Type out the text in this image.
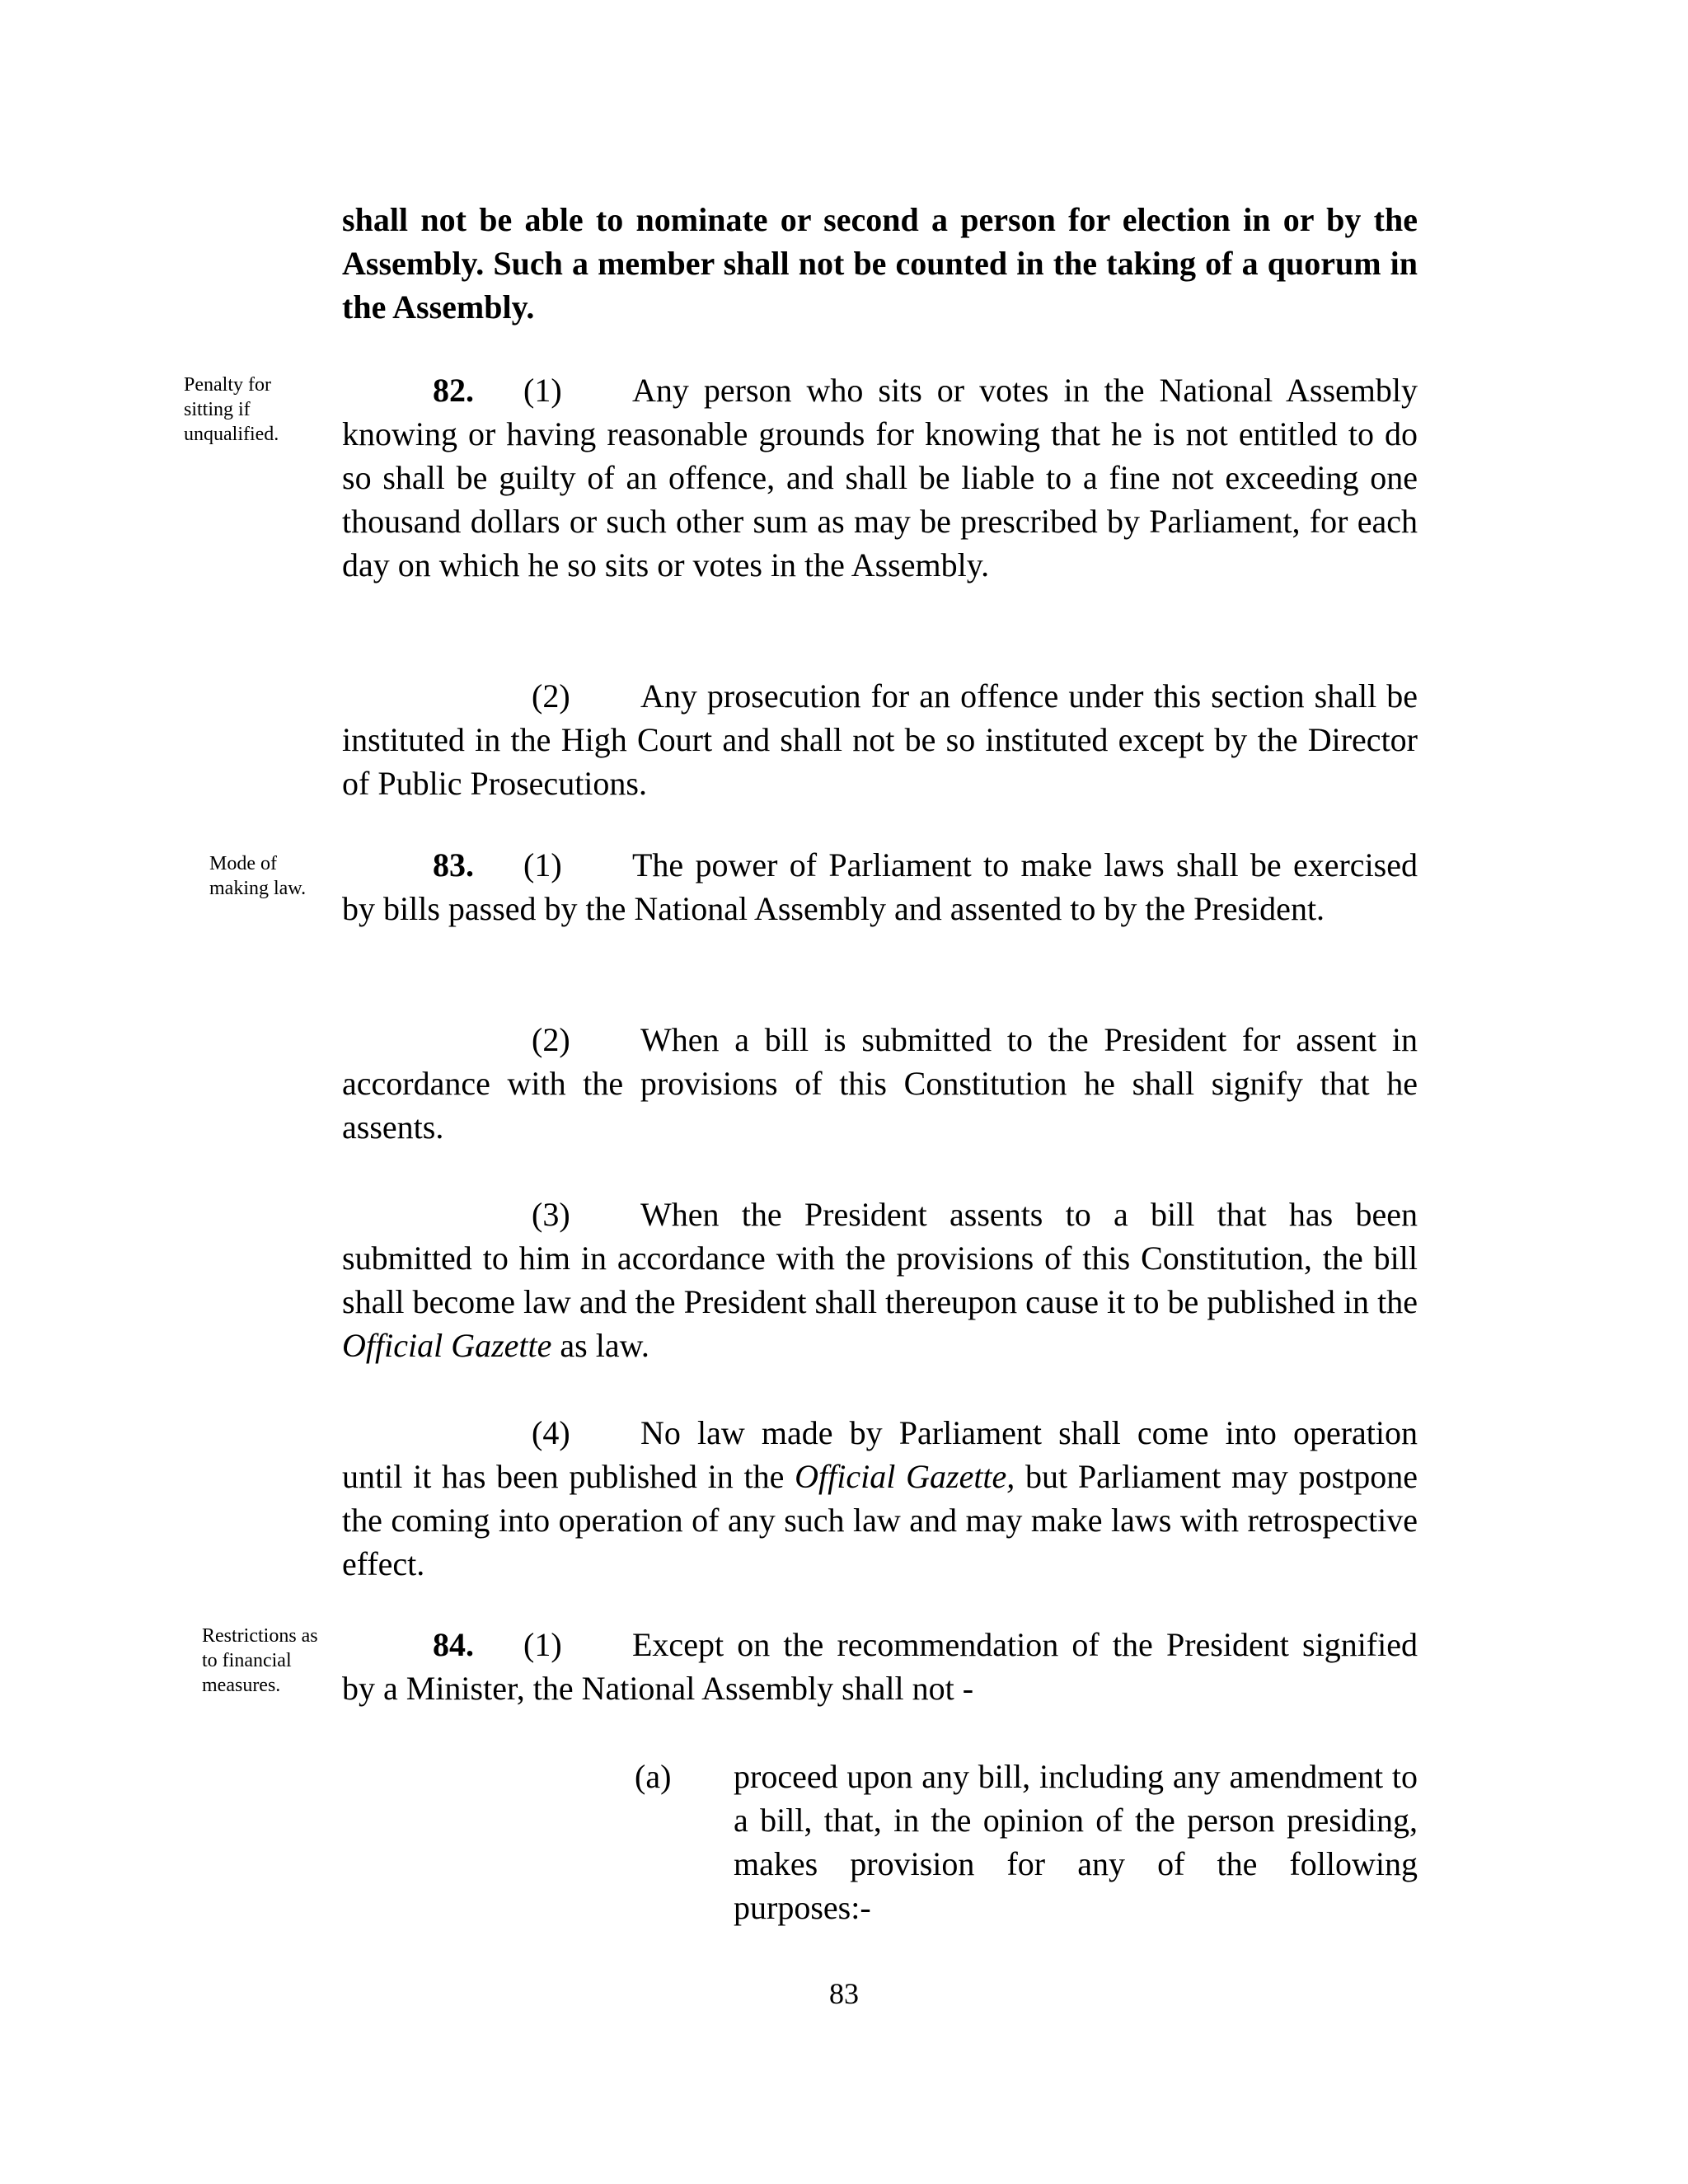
shall not be able to nominate or second a person for election in or by the Assembly. Such a member shall not be counted in the taking of a quorum in the Assembly.

Penalty for sitting if unqualified.

82. (1) Any person who sits or votes in the National Assembly knowing or having reasonable grounds for knowing that he is not entitled to do so shall be guilty of an offence, and shall be liable to a fine not exceeding one thousand dollars or such other sum as may be prescribed by Parliament, for each day on which he so sits or votes in the Assembly.

(2) Any prosecution for an offence under this section shall be instituted in the High Court and shall not be so instituted except by the Director of Public Prosecutions.

Mode of making law.

83. (1) The power of Parliament to make laws shall be exercised by bills passed by the National Assembly and assented to by the President.

(2) When a bill is submitted to the President for assent in accordance with the provisions of this Constitution he shall signify that he assents.

(3) When the President assents to a bill that has been submitted to him in accordance with the provisions of this Constitution, the bill shall become law and the President shall thereupon cause it to be published in the Official Gazette as law.

(4) No law made by Parliament shall come into operation until it has been published in the Official Gazette, but Parliament may postpone the coming into operation of any such law and may make laws with retrospective effect.

Restrictions as to financial measures.

84. (1) Except on the recommendation of the President signified by a Minister, the National Assembly shall not -

(a) proceed upon any bill, including any amendment to a bill, that, in the opinion of the person presiding, makes provision for any of the following purposes:-

83
